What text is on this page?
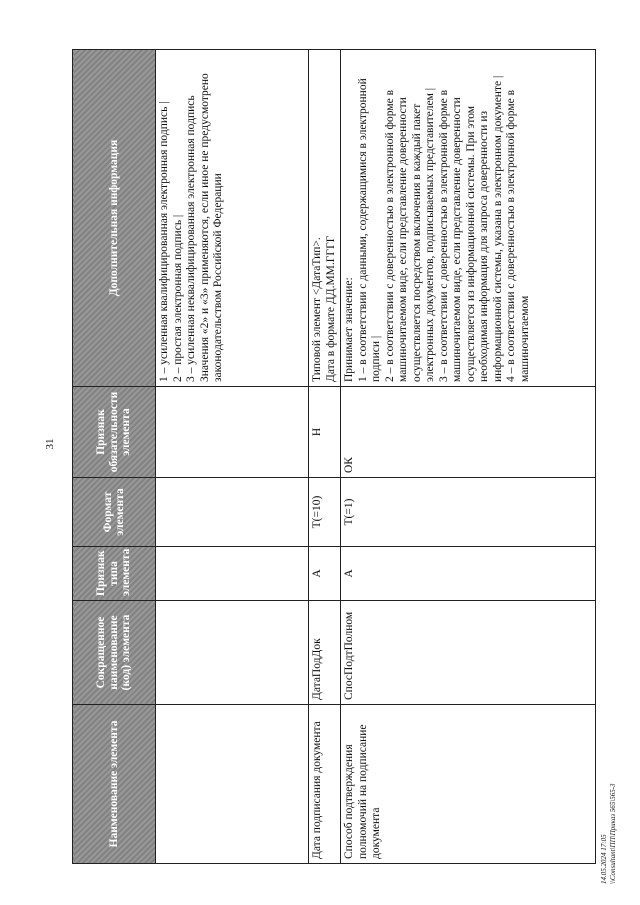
31
Наименование элемента	Сокращенное наименование (код) элемента	Признак типа элемента	Формат элемента	Признак обязательности элемента	Дополнительная информация

					1 – усиленная квалифицированная электронная подпись | 2 – простая электронная подпись | 3 – усиленная неквалифицированная электронная подпись Значения «2» и «3» применяются, если иное не предусмотрено законодательством Российской Федерации

Дата подписания документа	ДатаПодДок	А	T(=10)	Н	Типовой элемент <ДатаТип>. Дата в формате ДД.ММ.ГГГГ

Способ подтверждения полномочий на подписание документа	СпосПодтПолном	А	T(=1)	ОК	Принимает значение: 1 – в соответствии с данными, содержащимися в электронной подписи | 2 – в соответствии с доверенностью в электронной форме в машиночитаемом виде, если представление доверенности осуществляется посредством включения в каждый пакет электронных документов, подписываемых представителем | 3 – в соответствии с доверенностью в электронной форме в машиночитаемом виде, если представление доверенности осуществляется из информационной системы. При этом необходимая информация для запроса доверенности из информационной системы, указана в электронном документе | 4 – в соответствии с доверенностью в электронной форме в машиночитаемом
14.05.2024 17:05 \\Consultant\ПП\Приказ 565\565-3
